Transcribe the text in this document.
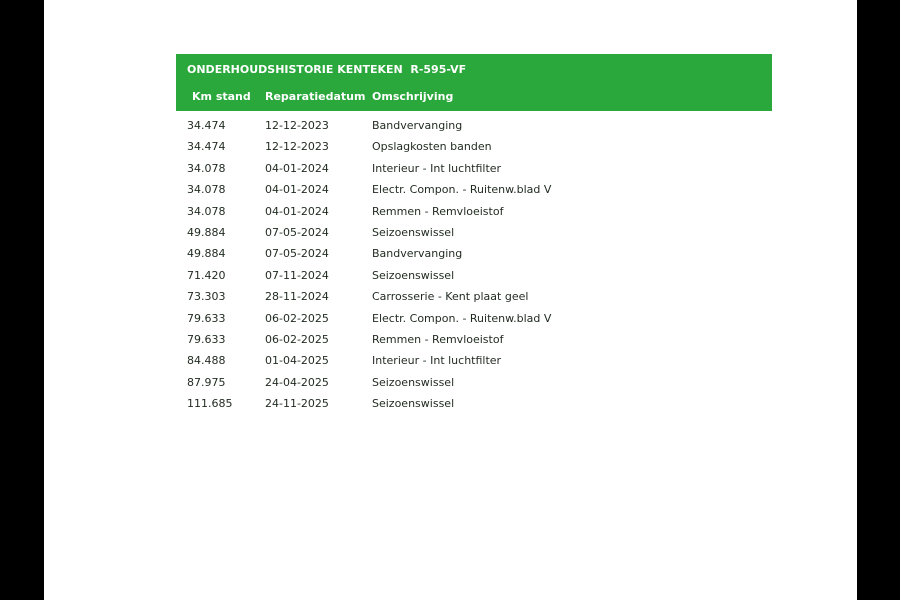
ONDERHOUDSHISTORIE KENTEKEN  R-595-VF
Km stand Reparatiedatum Omschrijving
34.474	12-12-2023	Bandvervanging
34.474	12-12-2023	Opslagkosten banden
34.078	04-01-2024	Interieur - Int luchtfilter
34.078	04-01-2024	Electr. Compon. - Ruitenw.blad V
34.078	04-01-2024	Remmen - Remvloeistof
49.884	07-05-2024	Seizoenswissel
49.884	07-05-2024	Bandvervanging
71.420	07-11-2024	Seizoenswissel
73.303	28-11-2024	Carrosserie - Kent plaat geel
79.633	06-02-2025	Electr. Compon. - Ruitenw.blad V
79.633	06-02-2025	Remmen - Remvloeistof
84.488	01-04-2025	Interieur - Int luchtfilter
87.975	24-04-2025	Seizoenswissel
111.685	24-11-2025	Seizoenswissel
